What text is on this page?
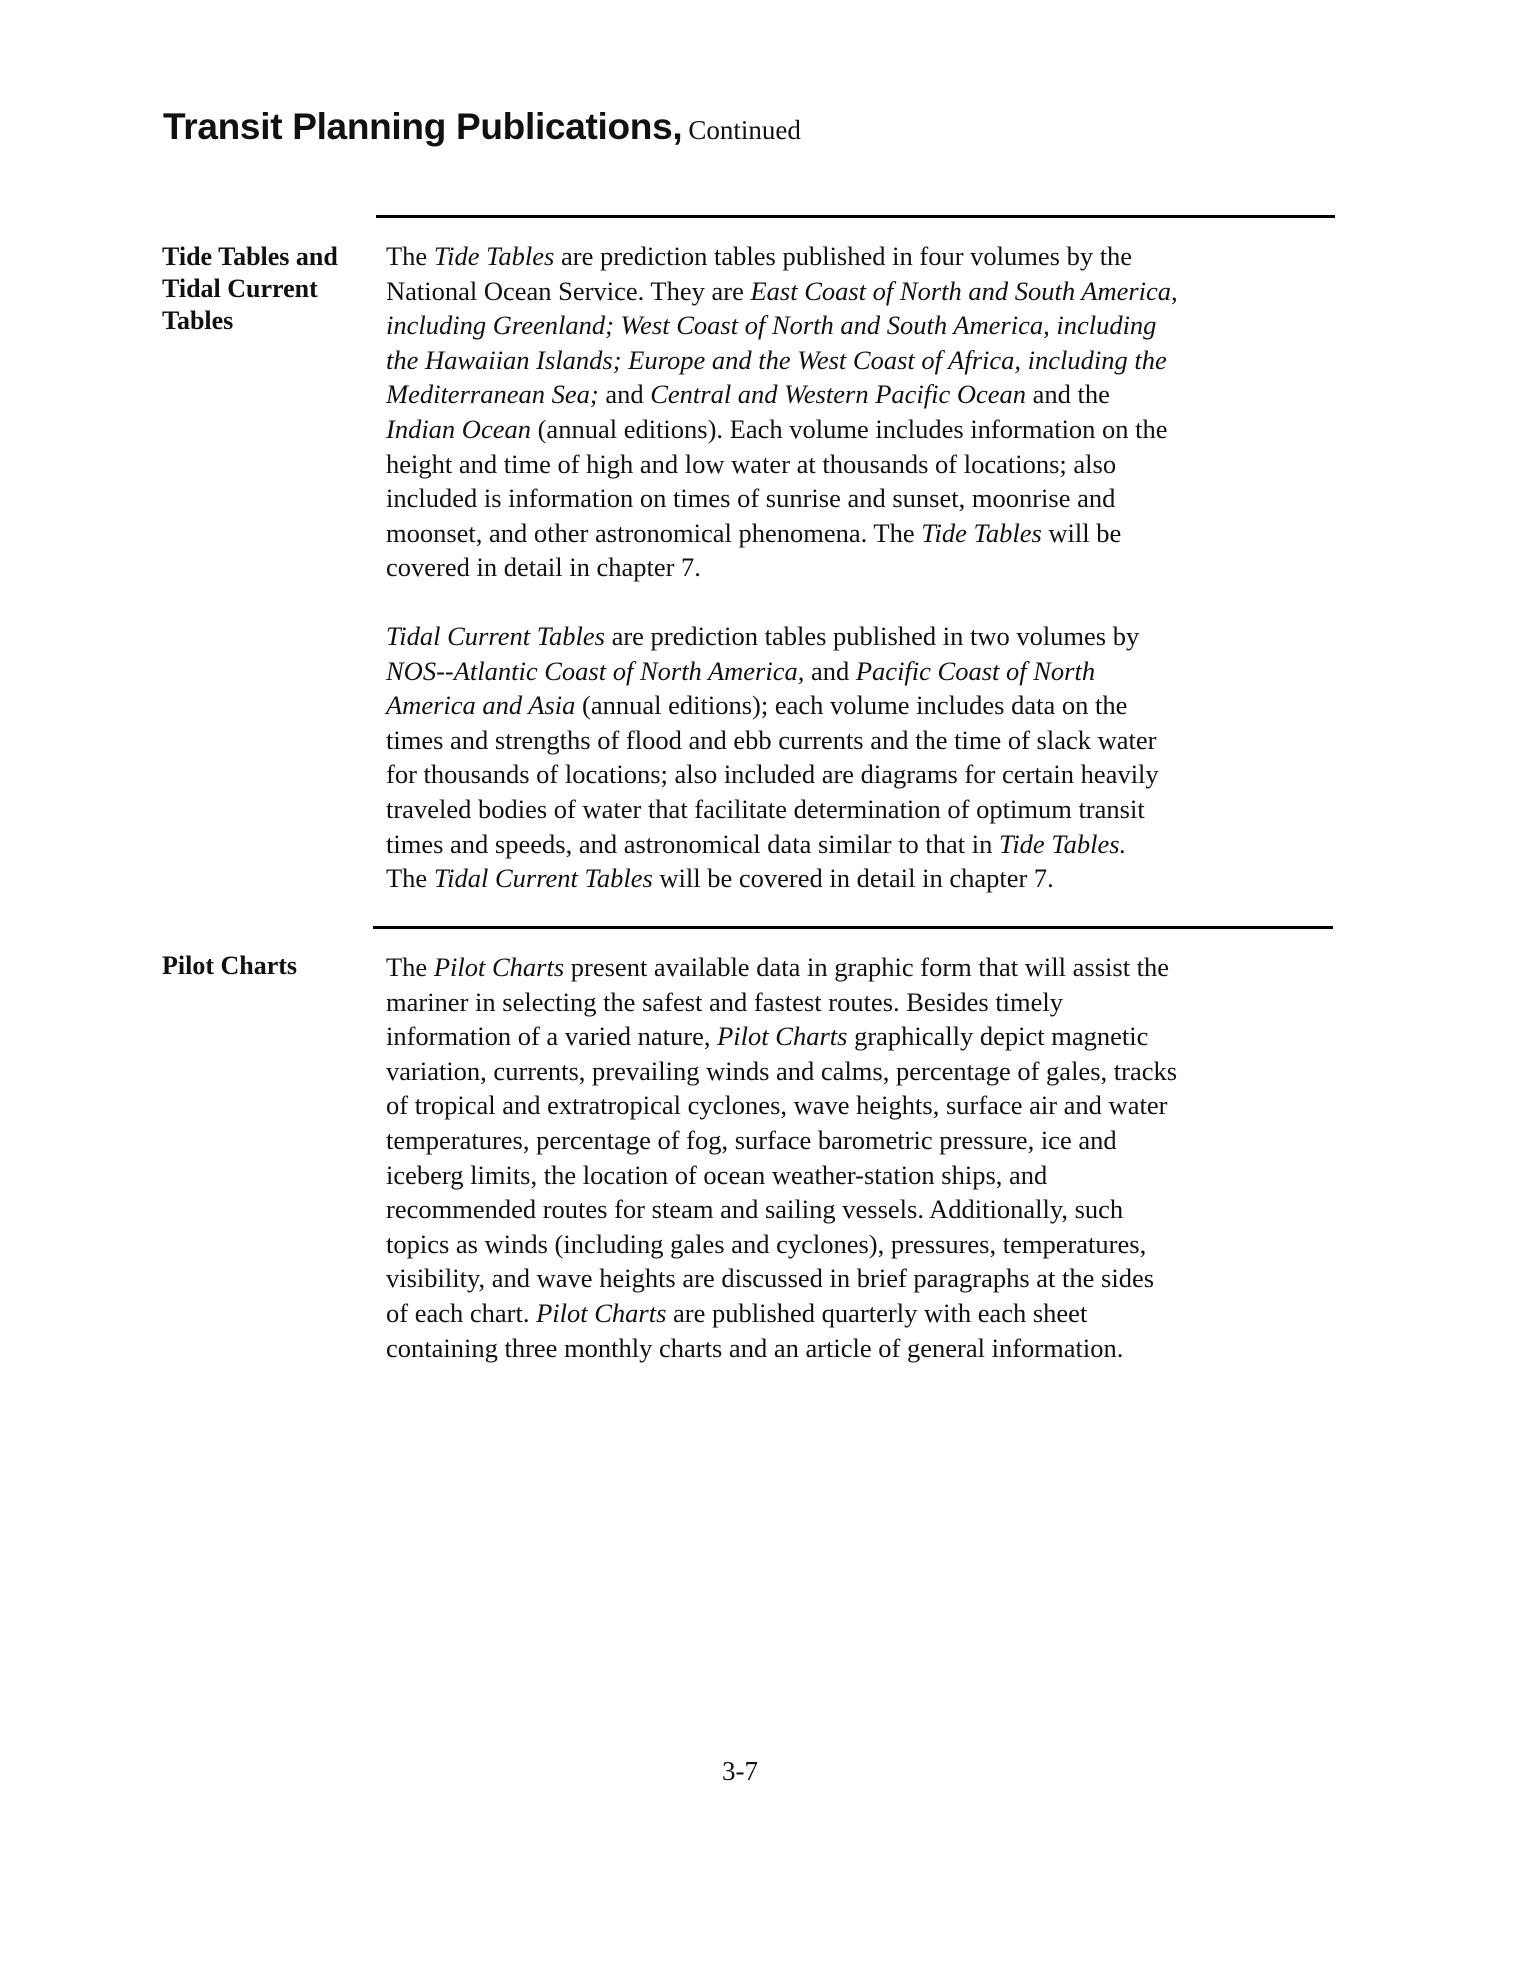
Transit Planning Publications, Continued
Tide Tables and
Tidal Current
Tables
The Tide Tables are prediction tables published in four volumes by the
National Ocean Service. They are East Coast of North and South America,
including Greenland; West Coast of North and South America, including
the Hawaiian Islands; Europe and the West Coast of Africa, including the
Mediterranean Sea; and Central and Western Pacific Ocean and the
Indian Ocean (annual editions). Each volume includes information on the
height and time of high and low water at thousands of locations; also
included is information on times of sunrise and sunset, moonrise and
moonset, and other astronomical phenomena. The Tide Tables will be
covered in detail in chapter 7.
Tidal Current Tables are prediction tables published in two volumes by
NOS--Atlantic Coast of North America, and Pacific Coast of North
America and Asia (annual editions); each volume includes data on the
times and strengths of flood and ebb currents and the time of slack water
for thousands of locations; also included are diagrams for certain heavily
traveled bodies of water that facilitate determination of optimum transit
times and speeds, and astronomical data similar to that in Tide Tables.
The Tidal Current Tables will be covered in detail in chapter 7.
Pilot Charts	The Pilot Charts present available data in graphic form that will assist the
mariner in selecting the safest and fastest routes. Besides timely
information of a varied nature, Pilot Charts graphically depict magnetic
variation, currents, prevailing winds and calms, percentage of gales, tracks
of tropical and extratropical cyclones, wave heights, surface air and water
temperatures, percentage of fog, surface barometric pressure, ice and
iceberg limits, the location of ocean weather-station ships, and
recommended routes for steam and sailing vessels. Additionally, such
topics as winds (including gales and cyclones), pressures, temperatures,
visibility, and wave heights are discussed in brief paragraphs at the sides
of each chart. Pilot Charts are published quarterly with each sheet
containing three monthly charts and an article of general information.
3-7
